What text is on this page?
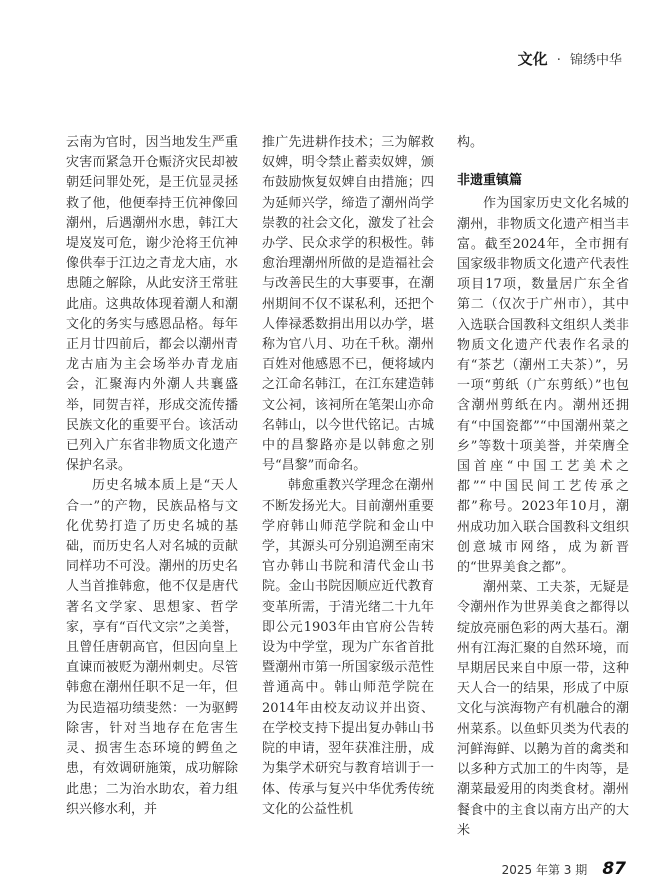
文化 · 锦绣中华

云南为官时，因当地发生严重灾害而紧急开仓赈济灾民却被朝廷问罪处死，是王伉显灵拯救了他，他便奉持王伉神像回潮州，后遇潮州水患，韩江大堤岌岌可危，谢少沧将王伉神像供奉于江边之青龙大庙，水患随之解除，从此安济王常驻此庙。这典故体现着潮人和潮文化的务实与感恩品格。每年正月廿四前后，都会以潮州青龙古庙为主会场举办青龙庙会，汇聚海内外潮人共襄盛举，同贺吉祥，形成交流传播民族文化的重要平台。该活动已列入广东省非物质文化遗产保护名录。

历史名城本质上是“天人合一”的产物，民族品格与文化优势打造了历史名城的基础，而历史名人对名城的贡献同样功不可没。潮州的历史名人当首推韩愈，他不仅是唐代著名文学家、思想家、哲学家，享有“百代文宗”之美誉，且曾任唐朝高官，但因向皇上直谏而被贬为潮州刺史。尽管韩愈在潮州任职不足一年，但为民造福功绩斐然：一为驱鳄除害，针对当地存在危害生灵、损害生态环境的鳄鱼之患，有效调研施策，成功解除此患；二为治水助农，着力组织兴修水利，并

推广先进耕作技术；三为解救奴婢，明令禁止蓄卖奴婢，颁布鼓励恢复奴婢自由措施；四为延师兴学，缔造了潮州尚学崇教的社会文化，激发了社会办学、民众求学的积极性。韩愈治理潮州所做的是造福社会与改善民生的大事要事，在潮州期间不仅不谋私利，还把个人俸禄悉数捐出用以办学，堪称为官八月、功在千秋。潮州百姓对他感恩不已，便将域内之江命名韩江，在江东建造韩文公祠，该祠所在笔架山亦命名韩山，以今世代铭记。古城中的昌黎路亦是以韩愈之别号“昌黎”而命名。

韩愈重教兴学理念在潮州不断发扬光大。目前潮州重要学府韩山师范学院和金山中学，其源头可分别追溯至南宋官办韩山书院和清代金山书院。金山书院因顺应近代教育变革所需，于清光绪二十九年即公元1903年由官府公告转设为中学堂，现为广东省首批暨潮州市第一所国家级示范性普通高中。韩山师范学院在2014年由校友动议并出资、在学校支持下提出复办韩山书院的申请，翌年获准注册，成为集学术研究与教育培训于一体、传承与复兴中华优秀传统文化的公益性机

构。

非遗重镇篇

作为国家历史文化名城的潮州，非物质文化遗产相当丰富。截至2024年，全市拥有国家级非物质文化遗产代表性项目17项，数量居广东全省第二（仅次于广州市），其中入选联合国教科文组织人类非物质文化遗产代表作名录的有“茶艺（潮州工夫茶）”，另一项“剪纸（广东剪纸）”也包含潮州剪纸在内。潮州还拥有“中国瓷都”“中国潮州菜之乡”等数十项美誉，并荣膺全国首座“中国工艺美术之都”“中国民间工艺传承之都”称号。2023年10月，潮州成功加入联合国教科文组织创意城市网络，成为新晋的“世界美食之都”。

潮州菜、工夫茶，无疑是令潮州作为世界美食之都得以绽放亮丽色彩的两大基石。潮州有江海汇聚的自然环境，而早期居民来自中原一带，这种天人合一的结果，形成了中原文化与滨海物产有机融合的潮州菜系。以鱼虾贝类为代表的河鲜海鲜、以鹅为首的禽类和以多种方式加工的牛肉等，是潮菜最爱用的肉类食材。潮州餐食中的主食以南方出产的大米

2025 年第 3 期 87
